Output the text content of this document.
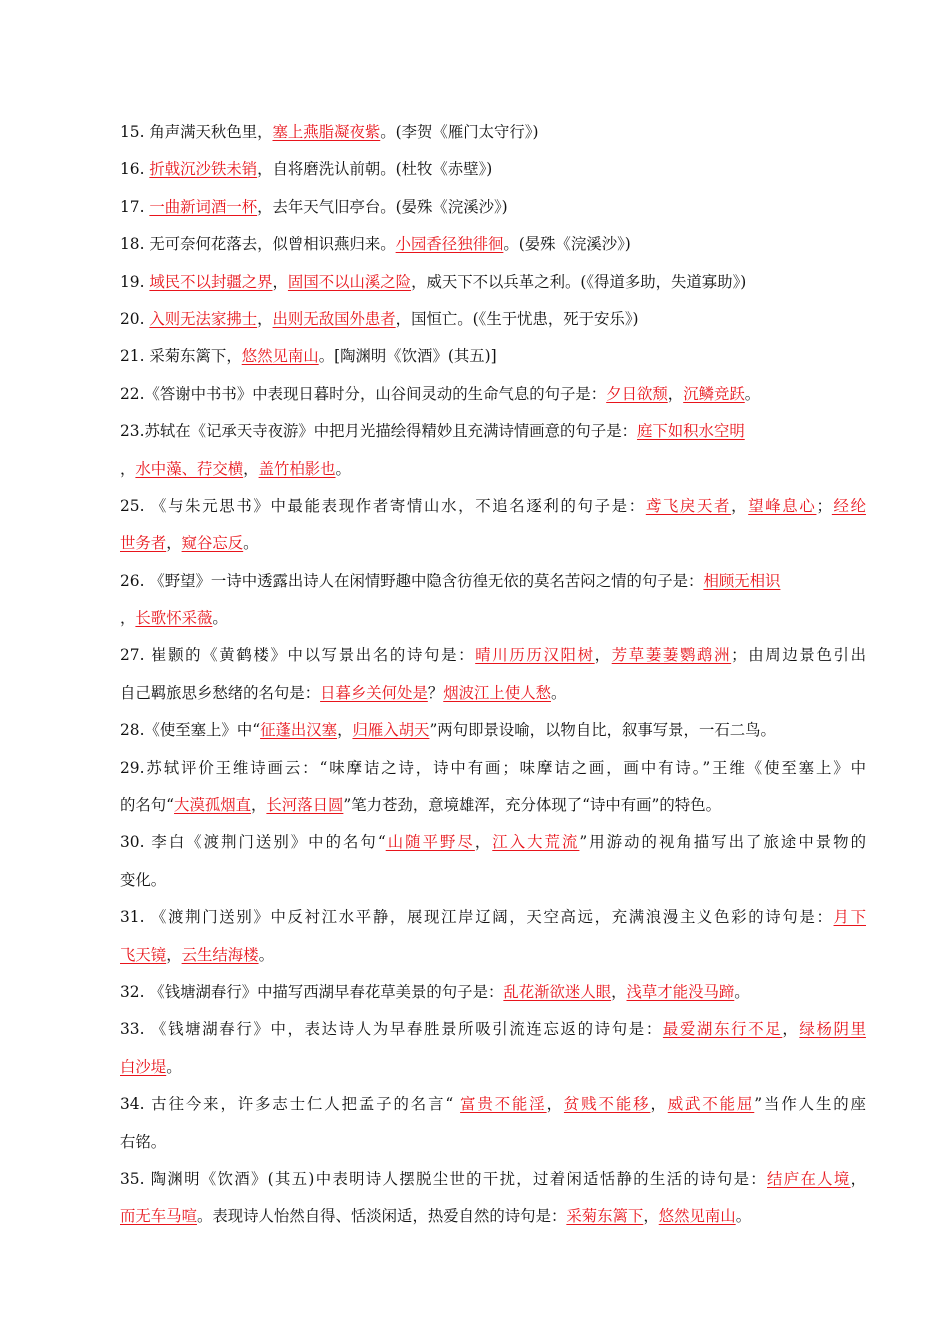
15. 角声满天秋色里，塞上燕脂凝夜紫。(李贺《雁门太守行》)
16. 折戟沉沙铁未销，自将磨洗认前朝。(杜牧《赤壁》)
17. 一曲新词酒一杯，去年天气旧亭台。(晏殊《浣溪沙》)
18. 无可奈何花落去，似曾相识燕归来。小园香径独徘徊。(晏殊《浣溪沙》)
19. 域民不以封疆之界，固国不以山溪之险，威天下不以兵革之利。(《得道多助，失道寡助》)
20. 入则无法家拂士，出则无敌国外患者，国恒亡。(《生于忧患，死于安乐》)
21. 采菊东篱下，悠然见南山。[陶渊明《饮酒》(其五)]
22.《答谢中书书》中表现日暮时分，山谷间灵动的生命气息的句子是：夕日欲颓，沉鳞竞跃。
23.苏轼在《记承天寺夜游》中把月光描绘得精妙且充满诗情画意的句子是：庭下如积水空明
，水中藻、荇交横，盖竹柏影也。
25. 《与朱元思书》中最能表现作者寄情山水，不追名逐利的句子是：鸢飞戾天者，望峰息心；经纶
世务者，窥谷忘反。
26. 《野望》一诗中透露出诗人在闲情野趣中隐含彷徨无依的莫名苦闷之情的句子是：相顾无相识
，长歌怀采薇。
27. 崔颢的《黄鹤楼》中以写景出名的诗句是：晴川历历汉阳树，芳草萋萋鹦鹉洲；由周边景色引出
自己羁旅思乡愁绪的名句是：日暮乡关何处是？烟波江上使人愁。
28.《使至塞上》中“征蓬出汉塞，归雁入胡天”两句即景设喻，以物自比，叙事写景，一石二鸟。
29.苏轼评价王维诗画云：“味摩诘之诗，诗中有画；味摩诘之画，画中有诗。”王维《使至塞上》中
的名句“大漠孤烟直，长河落日圆”笔力苍劲，意境雄浑，充分体现了“诗中有画”的特色。
30. 李白《渡荆门送别》中的名句“山随平野尽，江入大荒流”用游动的视角描写出了旅途中景物的
变化。
31. 《渡荆门送别》中反衬江水平静，展现江岸辽阔，天空高远，充满浪漫主义色彩的诗句是：月下
飞天镜，云生结海楼。
32. 《钱塘湖春行》中描写西湖早春花草美景的句子是：乱花渐欲迷人眼，浅草才能没马蹄。
33. 《钱塘湖春行》中，表达诗人为早春胜景所吸引流连忘返的诗句是：最爱湖东行不足，绿杨阴里
白沙堤。
34. 古往今来，许多志士仁人把孟子的名言“ 富贵不能淫，贫贱不能移，威武不能屈”当作人生的座
右铭。
35. 陶渊明《饮酒》(其五)中表明诗人摆脱尘世的干扰，过着闲适恬静的生活的诗句是：结庐在人境，
而无车马喧。表现诗人怡然自得、恬淡闲适，热爱自然的诗句是：采菊东篱下，悠然见南山。
